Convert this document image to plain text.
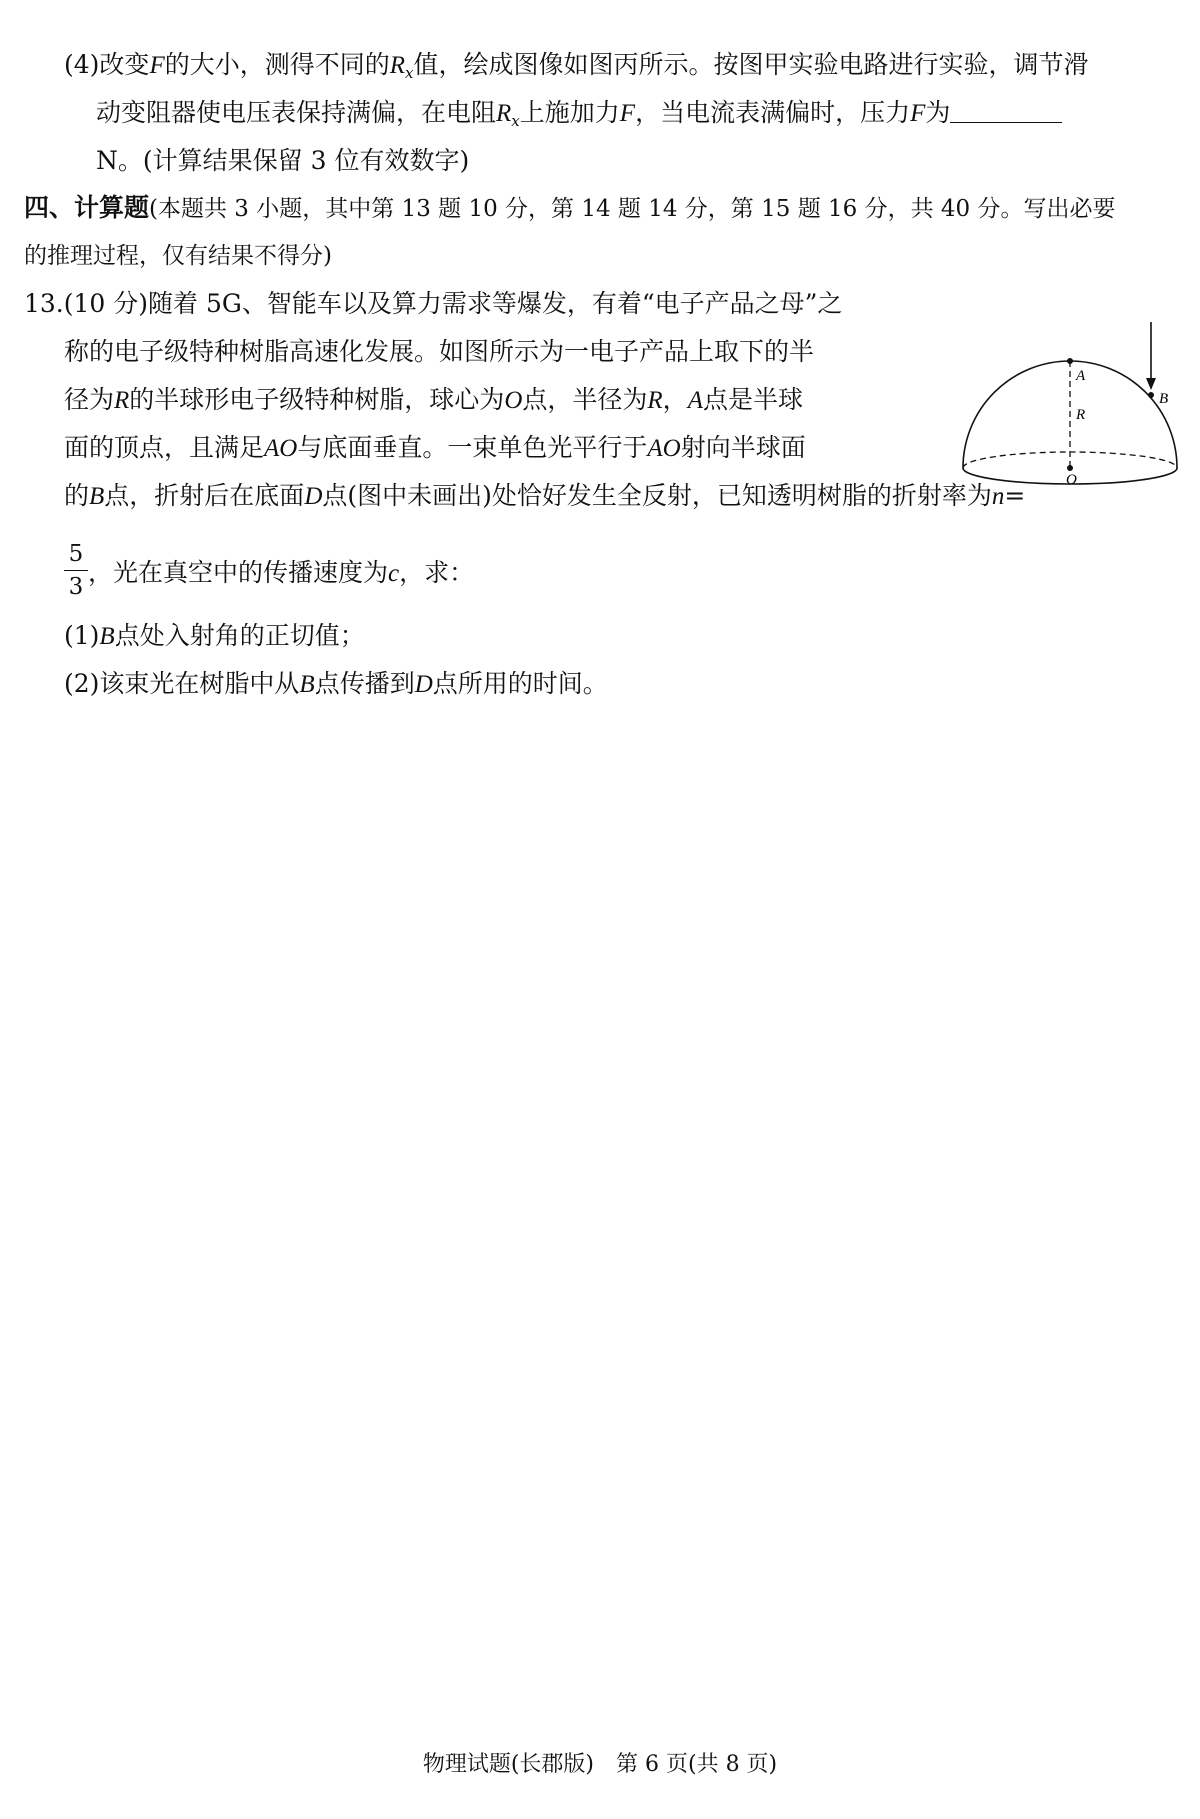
(4)改变F的大小，测得不同的$R_x$值，绘成图像如图丙所示。按图甲实验电路进行实验，调节滑
动变阻器使电压表保持满偏，在电阻$R_x$上施加力F，当电流表满偏时，压力F为
N。(计算结果保留 3 位有效数字)
四、计算题(本题共 3 小题，其中第 13 题 10 分，第 14 题 14 分，第 15 题 16 分，共 40 分。写出必要
的推理过程，仅有结果不得分)
13.(10 分)随着 5G、智能车以及算力需求等爆发，有着“电子产品之母”之
称的电子级特种树脂高速化发展。如图所示为一电子产品上取下的半
径为R的半球形电子级特种树脂，球心为O点，半径为R，A点是半球
面的顶点，且满足AO与底面垂直。一束单色光平行于AO射向半球面
的B点，折射后在底面D点(图中未画出)处恰好发生全反射，已知透明树脂的折射率为n=
5
3 ，光在真空中的传播速度为c，求：
(1)B点处入射角的正切值；
(2)该束光在树脂中从B点传播到D点所用的时间。
A
R
B
O
物理试题(长郡版)　第 6 页(共 8 页)
